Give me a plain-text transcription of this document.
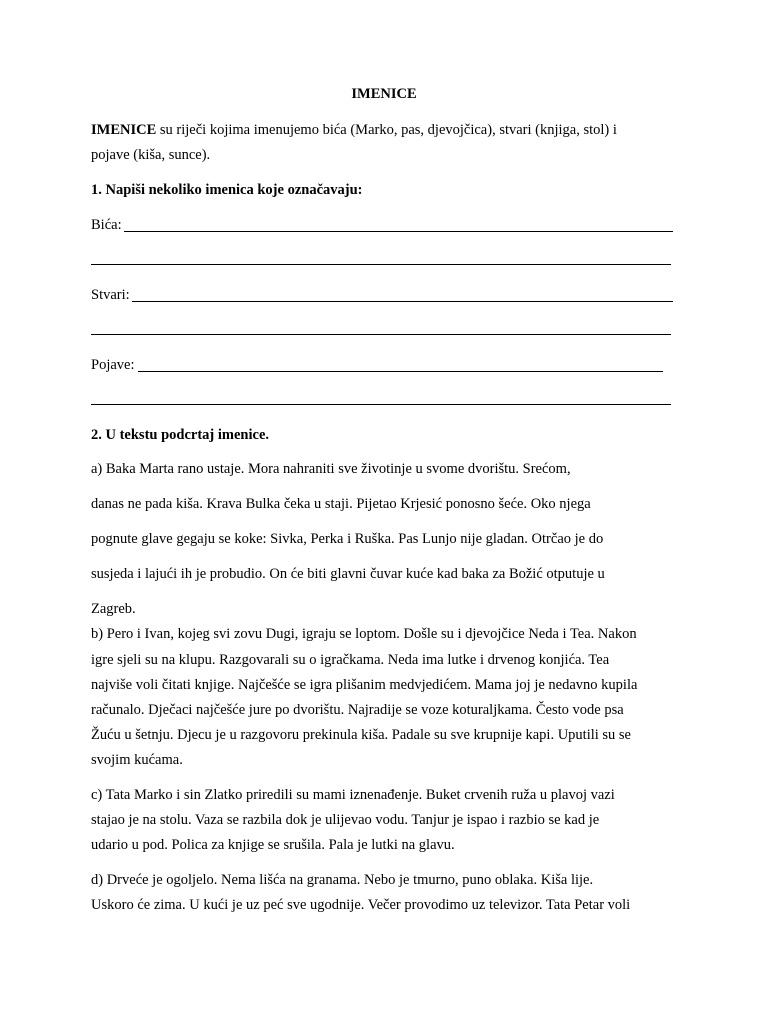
IMENICE
IMENICE su riječi kojima imenujemo bića (Marko, pas, djevojčica), stvari (knjiga, stol) i
pojave (kiša, sunce).
1. Napiši nekoliko imenica koje označavaju:
Bića:
Stvari:
Pojave:
2. U tekstu podcrtaj imenice.
a) Baka Marta rano ustaje. Mora nahraniti sve životinje u svome dvorištu. Srećom,
danas ne pada kiša. Krava Bulka čeka u staji. Pijetao Krjesić ponosno šeće. Oko njega
pognute glave gegaju se koke: Sivka, Perka i Ruška. Pas Lunjo nije gladan. Otrčao je do
susjeda i lajući ih je probudio. On će biti glavni čuvar kuće kad baka za Božić otputuje u
Zagreb.
b) Pero i Ivan, kojeg svi zovu Dugi, igraju se loptom. Došle su i djevojčice Neda i Tea. Nakon
igre sjeli su na klupu. Razgovarali su o igračkama. Neda ima lutke i drvenog konjića. Tea
najviše voli čitati knjige. Najčešće se igra plišanim medvjedićem. Mama joj je nedavno kupila
računalo. Dječaci najčešće jure po dvorištu. Najradije se voze koturaljkama. Često vode psa
Žuću u šetnju. Djecu je u razgovoru prekinula kiša. Padale su sve krupnije kapi. Uputili su se
svojim kućama.
c) Tata Marko i sin Zlatko priredili su mami iznenađenje. Buket crvenih ruža u plavoj vazi
stajao je na stolu. Vaza se razbila dok je ulijevao vodu. Tanjur je ispao i razbio se kad je
udario u pod. Polica za knjige se srušila. Pala je lutki na glavu.
d) Drveće je ogoljelo. Nema lišća na granama. Nebo je tmurno, puno oblaka. Kiša lije.
Uskoro će zima. U kući je uz peć sve ugodnije. Večer provodimo uz televizor. Tata Petar voli
